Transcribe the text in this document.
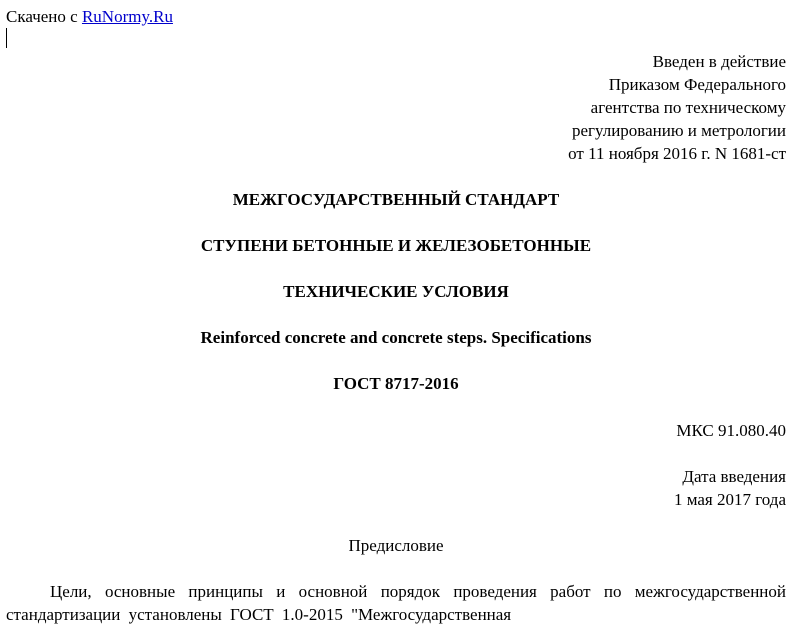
Скачено с RuNormy.Ru
Введен в действие
Приказом Федерального
агентства по техническому
регулированию и метрологии
от 11 ноября 2016 г. N 1681-ст
МЕЖГОСУДАРСТВЕННЫЙ СТАНДАРТ
СТУПЕНИ БЕТОННЫЕ И ЖЕЛЕЗОБЕТОННЫЕ
ТЕХНИЧЕСКИЕ УСЛОВИЯ
Reinforced concrete and concrete steps. Specifications
ГОСТ 8717-2016
МКС 91.080.40
Дата введения
1 мая 2017 года
Предисловие
Цели, основные принципы и основной порядок проведения работ по межгосударственной стандартизации установлены ГОСТ 1.0-2015 "Межгосударственная
